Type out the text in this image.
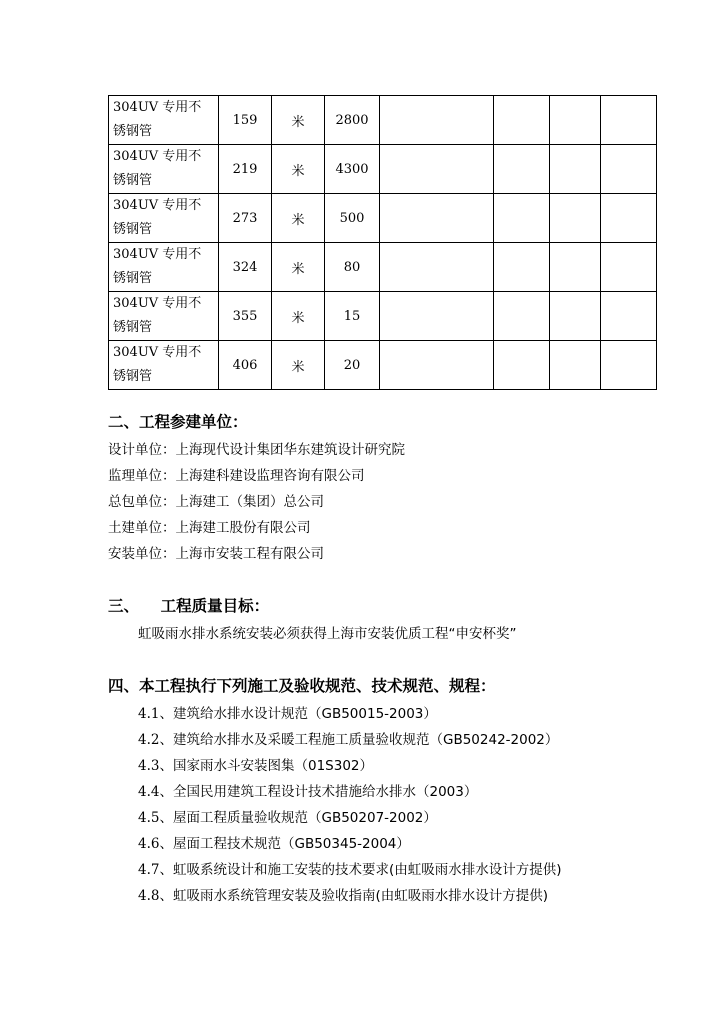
304UV 专用不
锈钢管	159	米	2800				

304UV 专用不
锈钢管	219	米	4300				

304UV 专用不
锈钢管	273	米	500				

304UV 专用不
锈钢管	324	米	80				

304UV 专用不
锈钢管	355	米	15				

304UV 专用不
锈钢管	406	米	20				
二、工程参建单位：
设计单位：上海现代设计集团华东建筑设计研究院
监理单位：上海建科建设监理咨询有限公司
总包单位：上海建工（集团）总公司
土建单位：上海建工股份有限公司
安装单位：上海市安装工程有限公司
三、    工程质量目标：
虹吸雨水排水系统安装必须获得上海市安装优质工程“申安杯奖”
四、本工程执行下列施工及验收规范、技术规范、规程：
4.1、建筑给水排水设计规范（GB50015-2003）
4.2、建筑给水排水及采暖工程施工质量验收规范（GB50242-2002）
4.3、国家雨水斗安装图集（01S302）
4.4、全国民用建筑工程设计技术措施给水排水（2003）
4.5、屋面工程质量验收规范（GB50207-2002）
4.6、屋面工程技术规范（GB50345-2004）
4.7、虹吸系统设计和施工安装的技术要求(由虹吸雨水排水设计方提供)
4.8、虹吸雨水系统管理安装及验收指南(由虹吸雨水排水设计方提供)
